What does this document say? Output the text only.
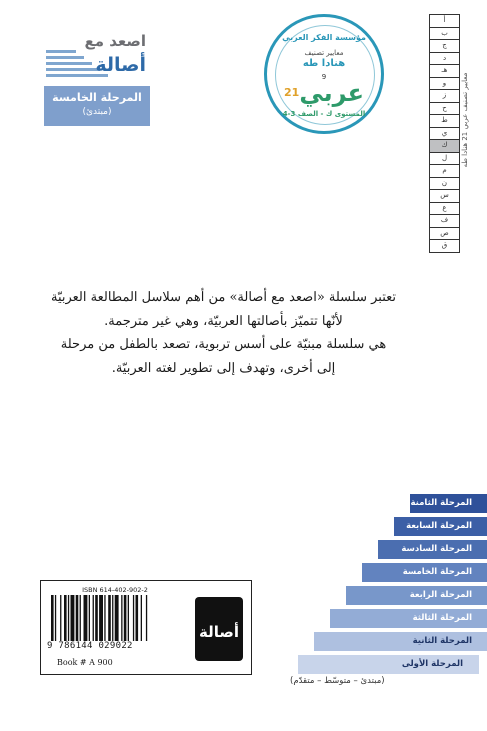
اصعد مع
أصالة
المرحلة الخامسة
(مبتدئ)
مؤسسة الفكر العربي
معايير تصنيف
هنادا طه
9
عربي$^{21}$
المستوى ك - الصف 3-4
أ
ب
ج
د
هـ
و
ز
ح
ط
ي
ك
ل
م
ن
س
ع
ف
ص
ق
معايير تصنيف عربي 21 هنادا طه

تعتبر سلسلة «اصعد مع أصالة» من أهم سلاسل المطالعة العربيّة

لأنّها تتميّز بأصالتها العربيّة، وهي غير مترجمة.

هي سلسلة مبنيّة على أسس تربوية، تصعد بالطفل من مرحلة

إلى أخرى، وتهدف إلى تطوير لغته العربيّة.

المرحلة الثامنة
المرحلة السابعة
المرحلة السادسة
المرحلة الخامسة
المرحلة الرابعة
المرحلة الثالثة
المرحلة الثانية
المرحلة الأولى
(مبتدئ – متوسّط – متقدّم)
ISBN 614-402-902-2
9 786144 029022
Book # A 900
أصالة
